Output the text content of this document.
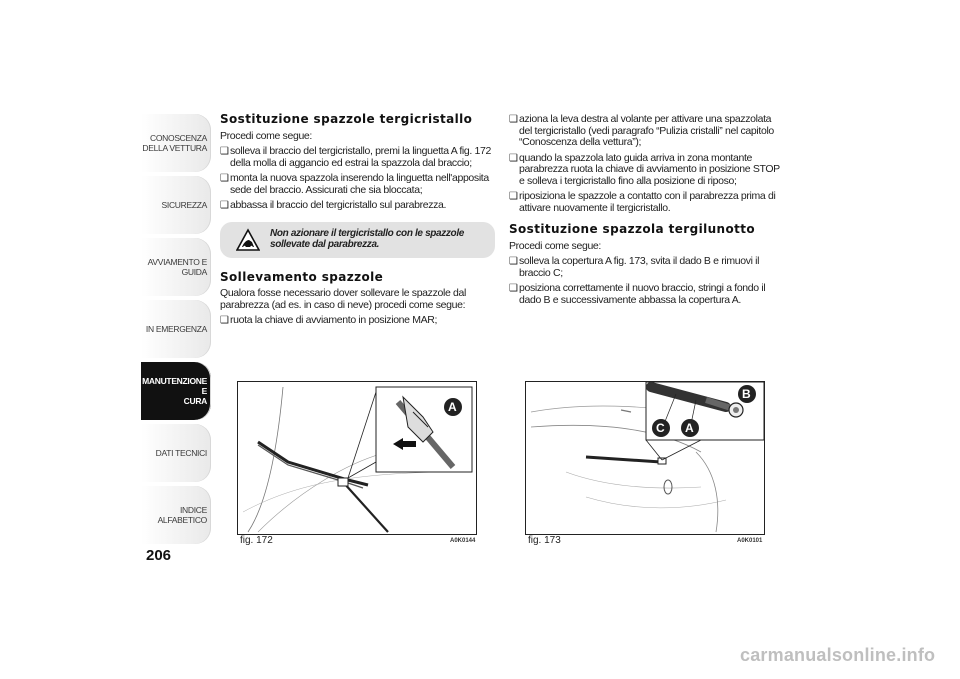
CONOSCENZA
DELLA VETTURA
SICUREZZA
AVVIAMENTO E
GUIDA
IN EMERGENZA
MANUTENZIONE E
CURA
DATI TECNICI
INDICE ALFABETICO
206
Sostituzione spazzole tergicristallo

Procedi come segue:

❑ solleva il braccio del tergicristallo, premi la linguetta A fig. 172 della molla di aggancio ed estrai la spazzola dal braccio;
❑ monta la nuova spazzola inserendo la linguetta nell'apposita sede del braccio. Assicurati che sia bloccata;
❑ abbassa il braccio del tergicristallo sul parabrezza.
Non azionare il tergicristallo con le spazzole sollevate dal parabrezza.
Sollevamento spazzole

Qualora fosse necessario dover sollevare le spazzole dal parabrezza (ad es. in caso di neve) procedi come segue:

❑ ruota la chiave di avviamento in posizione MAR;
❑ aziona la leva destra al volante per attivare una spazzolata del tergicristallo (vedi paragrafo “Pulizia cristalli” nel capitolo “Conoscenza della vettura”);
❑ quando la spazzola lato guida arriva in zona montante parabrezza ruota la chiave di avviamento in posizione STOP e solleva i tergicristallo fino alla posizione di riposo;
❑ riposiziona le spazzole a contatto con il parabrezza prima di attivare nuovamente il tergicristallo.
Sostituzione spazzola tergilunotto

Procedi come segue:

❑ solleva la copertura A fig. 173, svita il dado B e rimuovi il braccio C;
❑ posiziona correttamente il nuovo braccio, stringi a fondo il dado B e successivamente abbassa la copertura A.
A
fig. 172	A0K0144
B
C A
fig. 173	A0K0101
carmanualsonline.info
